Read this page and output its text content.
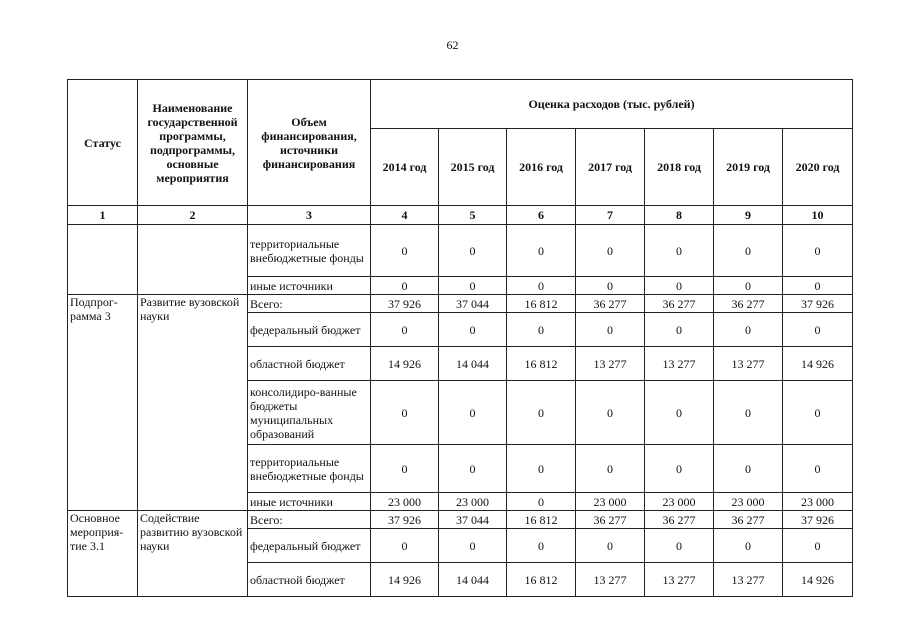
62
Статус	Наименование государственной программы, подпрограммы, основные мероприятия	Объем финансирования, источники финансирования	Оценка расходов (тыс. рублей)						
			2014 год	2015 год	2016 год	2017 год	2018 год	2019 год	2020 год
1	2	3	4	5	6	7	8	9	10
		территориальные внебюджетные фонды	0	0	0	0	0	0	0
		иные источники	0	0	0	0	0	0	0
Подпрог-рамма 3	Развитие вузовской науки	Всего:	37 926	37 044	16 812	36 277	36 277	36 277	37 926
		федеральный бюджет	0	0	0	0	0	0	0
		областной бюджет	14 926	14 044	16 812	13 277	13 277	13 277	14 926
		консолидиро-ванные бюджеты муниципальных образований	0	0	0	0	0	0	0
		территориальные внебюджетные фонды	0	0	0	0	0	0	0
		иные источники	23 000	23 000	0	23 000	23 000	23 000	23 000
Основное мероприя-тие 3.1	Содействие развитию вузовской науки	Всего:	37 926	37 044	16 812	36 277	36 277	36 277	37 926
		федеральный бюджет	0	0	0	0	0	0	0
		областной бюджет	14 926	14 044	16 812	13 277	13 277	13 277	14 926
